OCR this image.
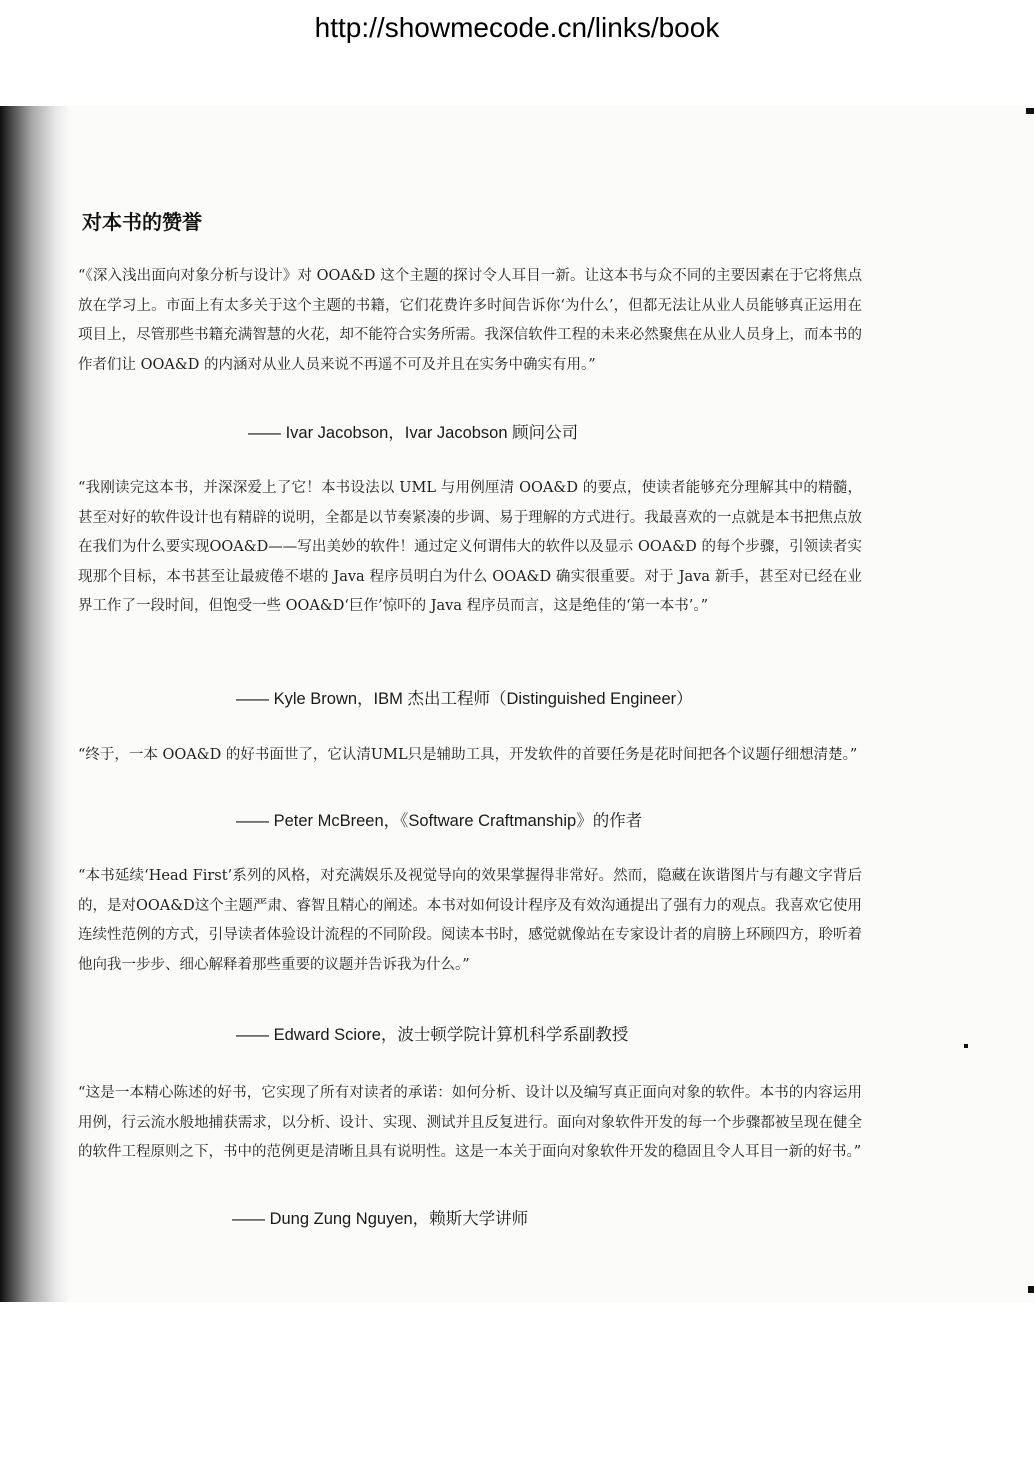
http://showmecode.cn/links/book
对本书的赞誉

“《深入浅出面向对象分析与设计》对 OOA&D 这个主题的探讨令人耳目一新。让这本书与众不同的主要因素在于它将焦点放在学习上。市面上有太多关于这个主题的书籍，它们花费许多时间告诉你‘为什么’，但都无法让从业人员能够真正运用在项目上，尽管那些书籍充满智慧的火花，却不能符合实务所需。我深信软件工程的未来必然聚焦在从业人员身上，而本书的作者们让 OOA&D 的内涵对从业人员来说不再遥不可及并且在实务中确实有用。”

—— Ivar Jacobson，Ivar Jacobson 顾问公司

“我刚读完这本书，并深深爱上了它！本书设法以 UML 与用例厘清 OOA&D 的要点，使读者能够充分理解其中的精髓，甚至对好的软件设计也有精辟的说明，全都是以节奏紧凑的步调、易于理解的方式进行。我最喜欢的一点就是本书把焦点放在我们为什么要实现OOA&D——写出美妙的软件！通过定义何谓伟大的软件以及显示 OOA&D 的每个步骤，引领读者实现那个目标，本书甚至让最疲倦不堪的 Java 程序员明白为什么 OOA&D 确实很重要。对于 Java 新手，甚至对已经在业界工作了一段时间，但饱受一些 OOA&D‘巨作’惊吓的 Java 程序员而言，这是绝佳的‘第一本书’。”

—— Kyle Brown，IBM 杰出工程师（Distinguished Engineer）

“终于，一本 OOA&D 的好书面世了，它认清UML只是辅助工具，开发软件的首要任务是花时间把各个议题仔细想清楚。”

—— Peter McBreen，《Software Craftmanship》的作者

“本书延续‘Head First’系列的风格，对充满娱乐及视觉导向的效果掌握得非常好。然而，隐藏在诙谐图片与有趣文字背后的，是对OOA&D这个主题严肃、睿智且精心的阐述。本书对如何设计程序及有效沟通提出了强有力的观点。我喜欢它使用连续性范例的方式，引导读者体验设计流程的不同阶段。阅读本书时，感觉就像站在专家设计者的肩膀上环顾四方，聆听着他向我一步步、细心解释着那些重要的议题并告诉我为什么。”

—— Edward Sciore，波士顿学院计算机科学系副教授

“这是一本精心陈述的好书，它实现了所有对读者的承诺：如何分析、设计以及编写真正面向对象的软件。本书的内容运用用例，行云流水般地捕获需求，以分析、设计、实现、测试并且反复进行。面向对象软件开发的每一个步骤都被呈现在健全的软件工程原则之下，书中的范例更是清晰且具有说明性。这是一本关于面向对象软件开发的稳固且令人耳目一新的好书。”

—— Dung Zung Nguyen，赖斯大学讲师
